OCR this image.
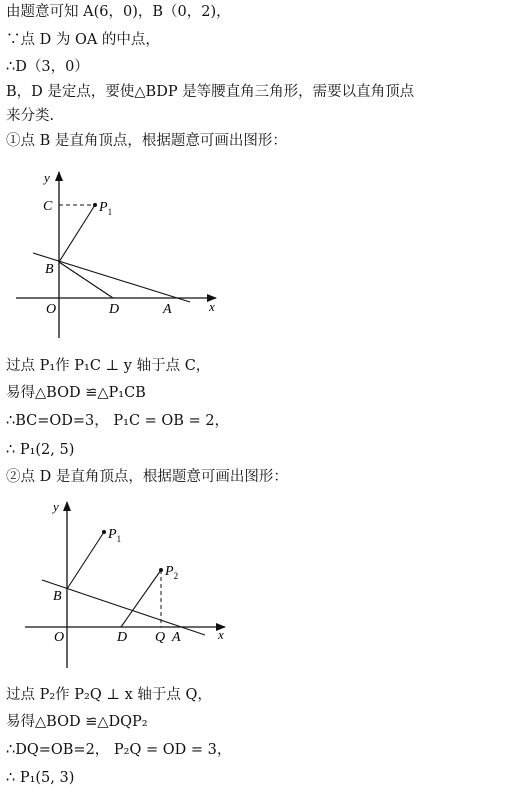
由题意可知 A(6，0)，B（0，2)，
∵点 D 为 OA 的中点，
∴D（3，0）
B，D 是定点，要使△BDP 是等腰直角三角形，需要以直角顶点
来分类.
①点 B 是直角顶点，根据题意可画出图形：
y
x
C	$P_1$
B
O	D	A
过点 P₁作 P₁C ⊥ y 轴于点 C，
易得△BOD ≌△P₁CB
∴BC=OD=3， P₁C = OB = 2，
∴ P₁(2, 5)
②点 D 是直角顶点，根据题意可画出图形：
y
x
$P_1$
$P_2$
B
O	D Q A
过点 P₂作 P₂Q ⊥ x 轴于点 Q，
易得△BOD ≌△DQP₂
∴DQ=OB=2， P₂Q = OD = 3，
∴ P₁(5, 3)
